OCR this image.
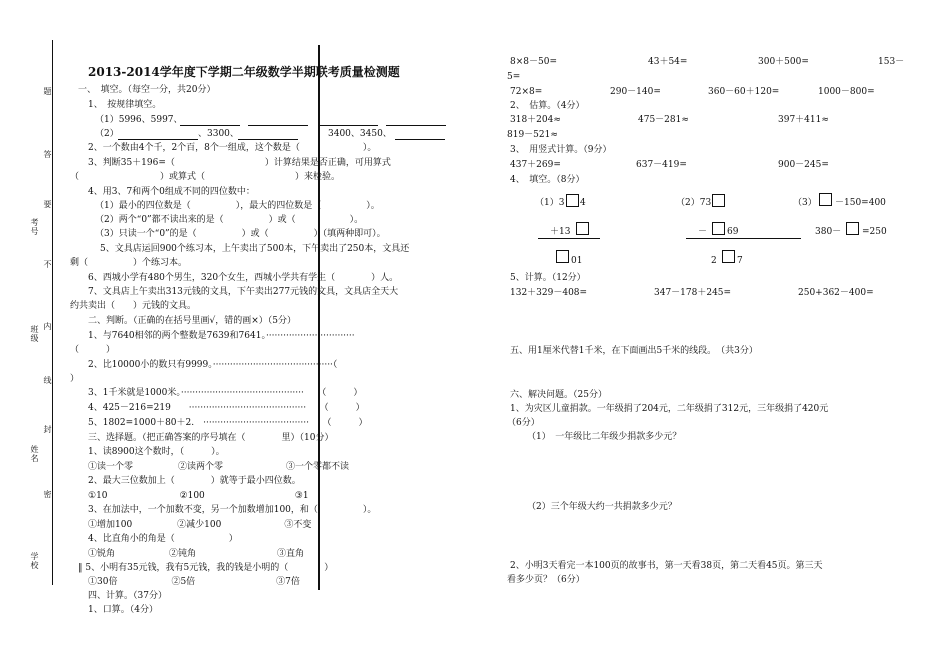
题
答
要
不
内
线
封
密
考号
班级
姓名
学校
2013-2014学年度下学期二年级数学半期联考质量检测题
一、　填空。（每空一分，共20分）
1、　按规律填空。
（1）5996、5997、
（2）	、3300、	3400、3450、
2、一个数由4个千，2个百，8个一组成，这个数是（　　　　　　　）。
3、判断35＋196=（　　　　　　　　　　）计算结果是否正确，可用算式
（　　　　　　　　　）或算式（　　　　　　　　　　）来检验。
4、用3、7和两个0组成不同的四位数中：
（1）最小的四位数是（　　　　　），最大的四位数是（　　　　　）。
（2）两个“0”都不读出来的是（　　　　　）或（　　　　　　）。
（3）只读一个“0”的是（　　　　　）或（　　　　　）（填两种即可）。
5、文具店运回900个练习本，上午卖出了500本，下午卖出了250本，文具还
剩（　　　　　）个练习本。
6、西城小学有480个男生，320个女生，西城小学共有学生（　　　　）人。
7、文具店上午卖出313元钱的文具，下午卖出277元钱的文具，文具店全天大
约共卖出（　　）元钱的文具。
二、判断。（正确的在括号里画√，错的画×）（5分）
1、与7640相邻的两个整数是7639和7641。·······························
（　　　）
2、比10000小的数只有9999。··········································（　　　
）
3、1千米就是1000米。···········································　　（　　　）
4、425－216=219　　·········································　　（　　　）
5、1802=1000＋80＋2.　·····································　　（　　　）
三、选择题。（把正确答案的序号填在（　　　　里）（10分）
1、读8900这个数时，（　　　）。
①读一个零　　　　　②读两个零　　　　　　　③一个零都不读
2、最大三位数加上（　　　　）就等于最小四位数。
①10　　　　　　　　②100　　　　　　　　　　③1
3、在加法中，一个加数不变，另一个加数增加100，和（　　　　　）。
①增加100　　　　　②减少100　　　　　　　③不变
4、比直角小的角是（　　　　　　）
①锐角　　　　　　②钝角　　　　　　　　　③直角
‖ 5、小明有35元钱，我有5元钱，我的钱是小明的（　　　　）
①30倍　　　　　　②5倍　　　　　　　　　③7倍
四、计算。（37分）
1、口算。（4分）
8×8－50=	43＋54=	300＋500=	153－
5=
72×8=	290－140=	360－60＋120=	1000－800=
2、　估算。（4分）
318＋204≈	475－281≈	397＋411≈
819－521≈
3、　用竖式计算。（9分）
437＋269=	637－419=	900－245=
4、　填空。（8分）
（1）3 4
＋13
01
（2）73
－ 69
2 7
（3） －150=400
380－ =250
5、计算。（12分）
132＋329－408=	347－178＋245=	250+362－400=
五、用1厘米代替1千米，在下面画出5千米的线段。　（共3分）
六、解决问题。（25分）
1、为灾区儿童捐款。一年级捐了204元，二年级捐了312元，三年级捐了420元
（6分）
（1）　一年级比二年级少捐款多少元？
（2）三个年级大约一共捐款多少元？
2、小明3天看完一本100页的故事书，第一天看38页，第二天看45页。第三天
看多少页？（6分）
